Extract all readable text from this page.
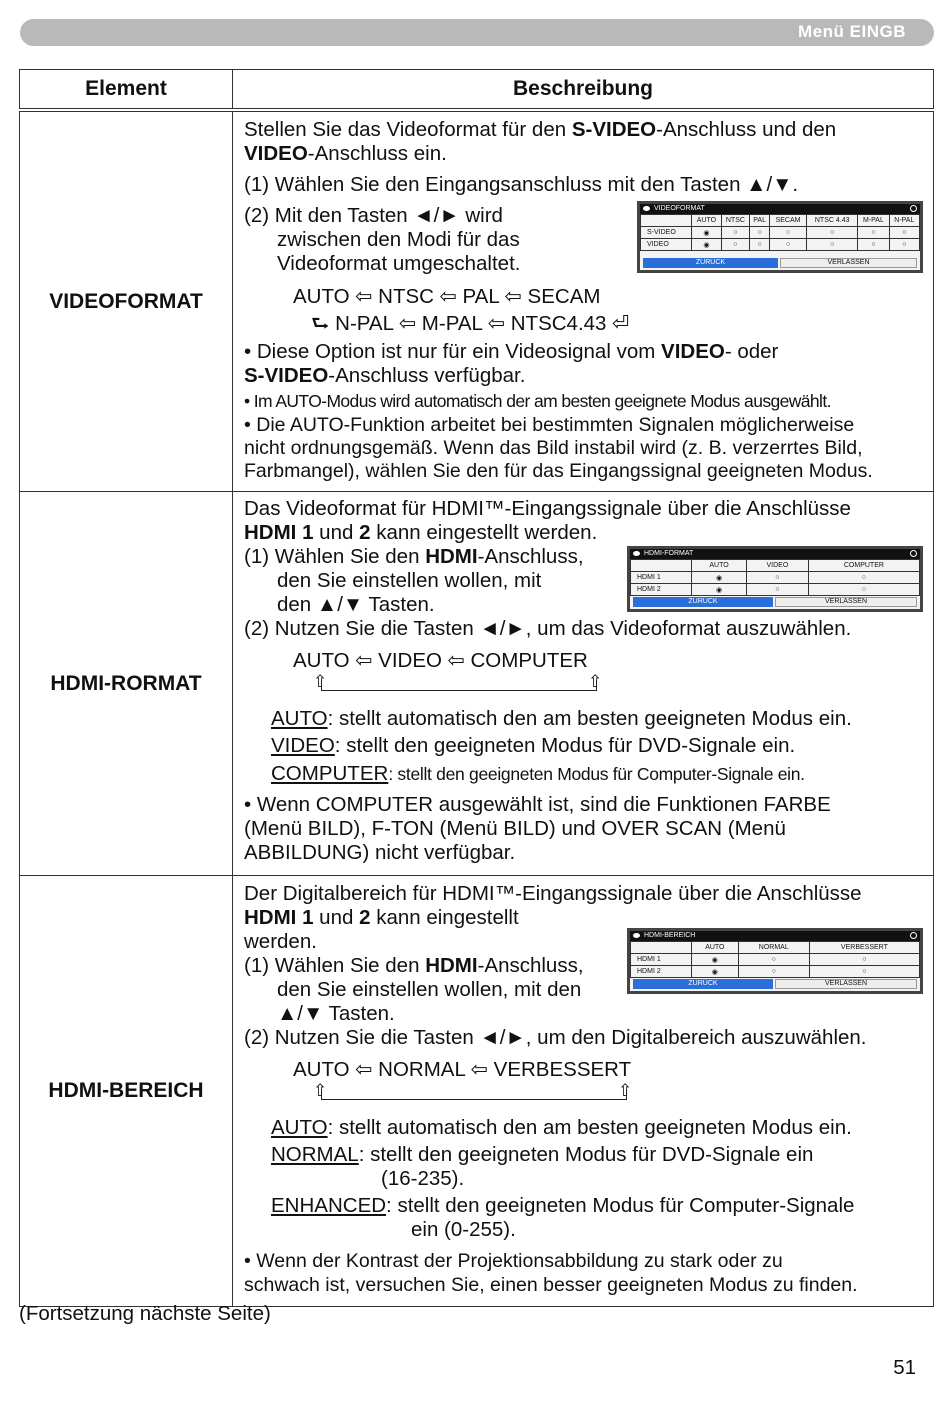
Menü EINGB
Element	Beschreibung
VIDEOFORMAT	
Stellen Sie das Videoformat für den S-VIDEO-Anschluss und den
VIDEO-Anschluss ein.
(1) Wählen Sie den Eingangsanschluss mit den Tasten ▲/▼.
(2) Mit den Tasten ◄/► wird
zwischen den Modi für das
Videoformat umgeschaltet.
VIDEOFORMAT
	AUTO	NTSC	PAL	SECAM	NTSC 4.43	M-PAL	N-PAL
S-VIDEO	◉	○	○	○	○	○	○
VIDEO	◉	○	○	○	○	○	○
ZURÜCK	VERLASSEN
AUTO ⇦ NTSC ⇦ PAL ⇦ SECAM
⮑ N-PAL ⇦ M-PAL ⇦ NTSC4.43 ⏎
• Diese Option ist nur für ein Videosignal vom VIDEO- oder
S-VIDEO-Anschluss verfügbar.
• Im AUTO-Modus wird automatisch der am besten geeignete Modus ausgewählt.
• Die AUTO-Funktion arbeitet bei bestimmten Signalen möglicherweise
nicht ordnungsgemäß. Wenn das Bild instabil wird (z. B. verzerrtes Bild,
Farbmangel), wählen Sie den für das Eingangssignal geeigneten Modus.

HDMI-RORMAT	
Das Videoformat für HDMI™-Eingangssignale über die Anschlüsse
HDMI 1 und 2 kann eingestellt werden.
(1) Wählen Sie den HDMI-Anschluss,
den Sie einstellen wollen, mit
den ▲/▼ Tasten.
HDMI-FORMAT
	AUTO	VIDEO	COMPUTER
HDMI 1	◉	○	○
HDMI 2	◉	○	○
ZURÜCK	VERLASSEN
(2) Nutzen Sie die Tasten ◄/►, um das Videoformat auszuwählen.
AUTO ⇦ VIDEO ⇦ COMPUTER
⇧	⇧
AUTO: stellt automatisch den am besten geeigneten Modus ein.
VIDEO: stellt den geeigneten Modus für DVD-Signale ein.
COMPUTER: stellt den geeigneten Modus für Computer-Signale ein.
• Wenn COMPUTER ausgewählt ist, sind die Funktionen FARBE
(Menü BILD), F-TON (Menü BILD) und OVER SCAN (Menü
ABBILDUNG) nicht verfügbar.

HDMI-BEREICH	
Der Digitalbereich für HDMI™-Eingangssignale über die Anschlüsse
HDMI 1 und 2 kann eingestellt
werden.
(1) Wählen Sie den HDMI-Anschluss,
den Sie einstellen wollen, mit den
▲/▼ Tasten.
HDMI-BEREICH
	AUTO	NORMAL	VERBESSERT
HDMI 1	◉	○	○
HDMI 2	◉	○	○
ZURÜCK	VERLASSEN
(2) Nutzen Sie die Tasten ◄/►, um den Digitalbereich auszuwählen.
AUTO ⇦ NORMAL ⇦ VERBESSERT
⇧	⇧
AUTO: stellt automatisch den am besten geeigneten Modus ein.
NORMAL: stellt den geeigneten Modus für DVD-Signale ein
(16-235).
ENHANCED: stellt den geeigneten Modus für Computer-Signale
ein (0-255).
• Wenn der Kontrast der Projektionsabbildung zu stark oder zu
schwach ist, versuchen Sie, einen besser geeigneten Modus zu finden.
(Fortsetzung nächste Seite)
51
